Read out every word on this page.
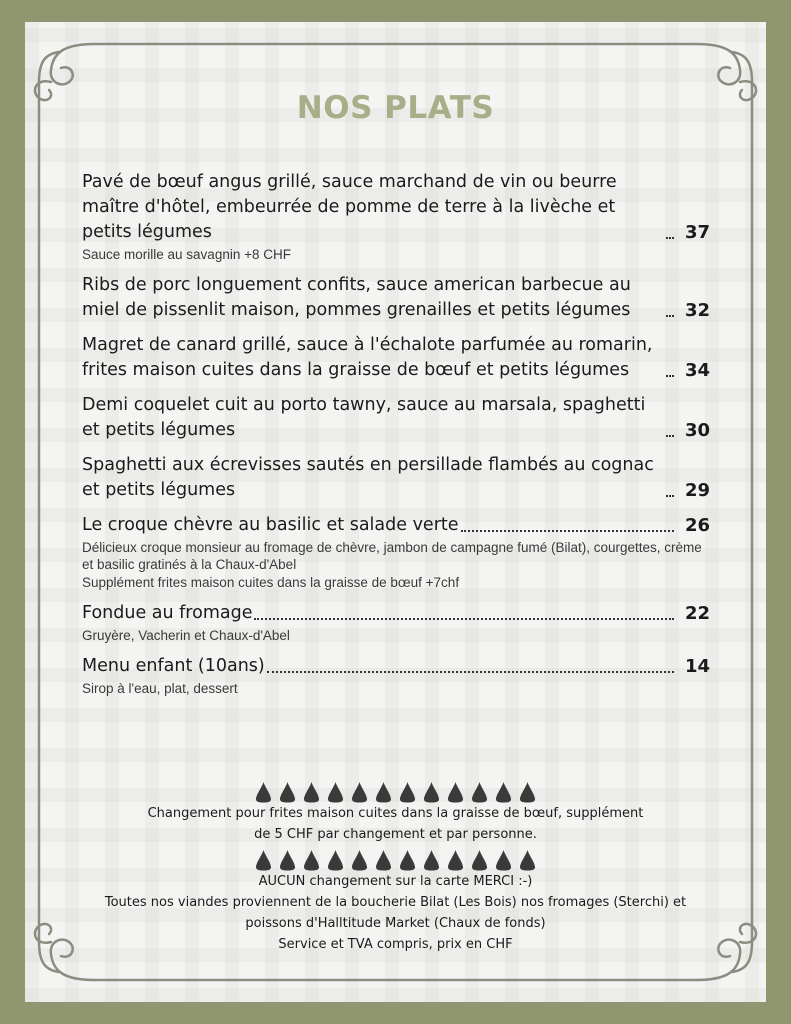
NOS PLATS
Pavé de bœuf angus grillé, sauce marchand de vin ou beurre maître d'hôtel, embeurrée de pomme de terre à la livèche et petits légumes	37
Sauce morille au savagnin +8 CHF
Ribs de porc longuement confits, sauce american barbecue au miel de pissenlit maison, pommes grenailles et petits légumes	32
Magret de canard grillé, sauce à l'échalote parfumée au romarin, frites maison cuites dans la graisse de bœuf et petits légumes	34
Demi coquelet cuit au porto tawny, sauce au marsala, spaghetti et petits légumes	30
Spaghetti aux écrevisses sautés en persillade flambés au cognac et petits légumes	29
Le croque chèvre au basilic et salade verte	26
Délicieux croque monsieur au fromage de chèvre, jambon de campagne fumé (Bilat), courgettes, crème et basilic gratinés à la Chaux-d'Abel
Supplément frites maison cuites dans la graisse de bœuf +7chf
Fondue au fromage	22
Gruyère, Vacherin et Chaux-d'Abel
Menu enfant (10ans)	14
Sirop à l'eau, plat, dessert

Changement pour frites maison cuites dans la graisse de bœuf, supplément

de 5 CHF par changement et par personne.

AUCUN changement sur la carte MERCI :-)

Toutes nos viandes proviennent de la boucherie Bilat (Les Bois) nos fromages (Sterchi) et

poissons d'Halltitude Market (Chaux de fonds)

Service et TVA compris, prix en CHF
